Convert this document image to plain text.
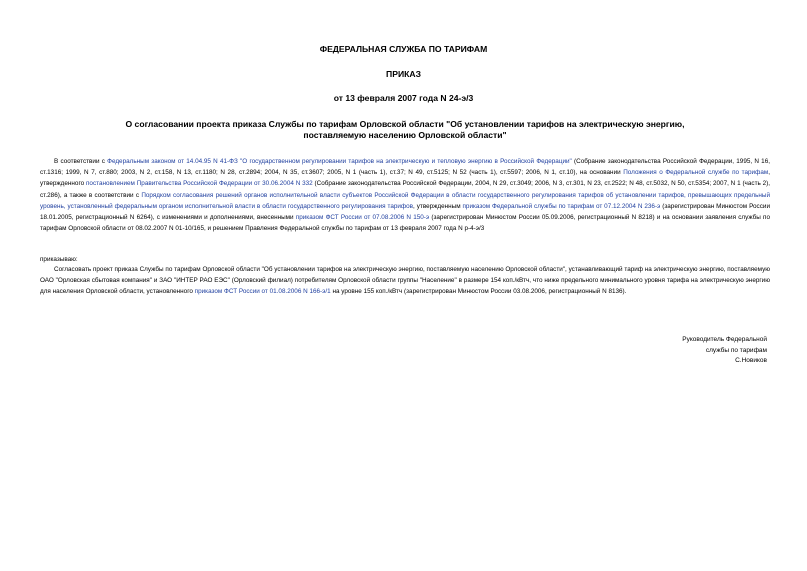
ФЕДЕРАЛЬНАЯ СЛУЖБА ПО ТАРИФАМ

ПРИКАЗ

от 13 февраля 2007 года N 24-э/3

О согласовании проекта приказа Службы по тарифам Орловской области "Об установлении тарифов на электрическую энергию, поставляемую населению Орловской области"

В соответствии с Федеральным законом от 14.04.95 N 41-ФЗ "О государственном регулировании тарифов на электрическую и тепловую энергию в Российской Федерации" (Собрание законодательства Российской Федерации, 1995, N 16, ст.1316; 1999, N 7, ст.880; 2003, N 2, ст.158, N 13, ст.1180; N 28, ст.2894; 2004, N 35, ст.3607; 2005, N 1 (часть 1), ст.37; N 49, ст.5125; N 52 (часть 1), ст.5597; 2006, N 1, ст.10), на основании Положения о Федеральной службе по тарифам, утвержденного постановлением Правительства Российской Федерации от 30.06.2004 N 332 (Собрание законодательства Российской Федерации, 2004, N 29, ст.3049; 2006, N 3, ст.301, N 23, ст.2522; N 48, ст.5032, N 50, ст.5354; 2007, N 1 (часть 2), ст.286), а также в соответствии с Порядком согласования решений органов исполнительной власти субъектов Российской Федерации в области государственного регулирования тарифов об установлении тарифов, превышающих предельный уровень, установленный федеральным органом исполнительной власти в области государственного регулирования тарифов, утвержденным приказом Федеральной службы по тарифам от 07.12.2004 N 236-э (зарегистрирован Минюстом России 18.01.2005, регистрационный N 6264), с изменениями и дополнениями, внесенными приказом ФСТ России от 07.08.2006 N 150-э (зарегистрирован Минюстом России 05.09.2006, регистрационный N 8218) и на основании заявления службы по тарифам Орловской области от 08.02.2007 N 01-10/165, и решением Правления Федеральной службы по тарифам от 13 февраля 2007 года N р-4-э/3

приказываю:

Согласовать проект приказа Службы по тарифам Орловской области "Об установлении тарифов на электрическую энергию, поставляемую населению Орловской области", устанавливающий тариф на электрическую энергию, поставляемую ОАО "Орловская сбытовая компания" и ЗАО "ИНТЕР РАО ЕЭС" (Орловский филиал) потребителям Орловской области группы "Население" в размере 154 коп./кВтч, что ниже предельного минимального уровня тарифа на электрическую энергию для населения Орловской области, установленного приказом ФСТ России от 01.08.2006 N 166-э/1 на уровне 155 коп./кВтч (зарегистрирован Минюстом России 03.08.2006, регистрационный N 8136).

Руководитель Федеральной
службы по тарифам
С.Новиков
